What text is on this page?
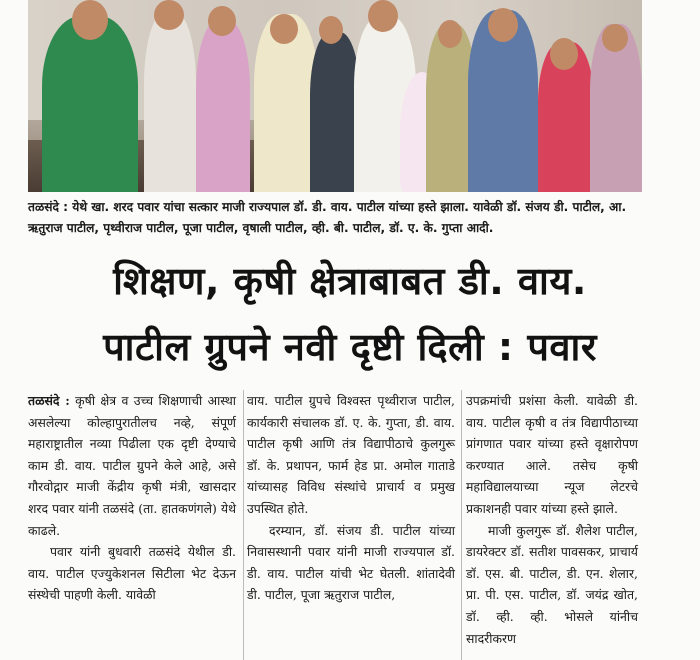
तळसंदे : येथे खा. शरद पवार यांचा सत्कार माजी राज्यपाल डॉ. डी. वाय. पाटील यांच्या हस्ते झाला. यावेळी डॉ. संजय डी. पाटील, आ. ऋतुराज पाटील, पृथ्वीराज पाटील, पूजा पाटील, वृषाली पाटील, व्ही. बी. पाटील, डॉ. ए. के. गुप्ता आदी.
शिक्षण, कृषी क्षेत्राबाबत डी. वाय.
पाटील ग्रुपने नवी दृष्टी दिली : पवार

तळसंदे : कृषी क्षेत्र व उच्च शिक्षणाची आस्था असलेल्या कोल्हापुरातीलच नव्हे, संपूर्ण महाराष्ट्रातील नव्या पिढीला एक दृष्टी देण्याचे काम डी. वाय. पाटील ग्रुपने केले आहे, असे गौरवोद्गार माजी केंद्रीय कृषी मंत्री, खासदार शरद पवार यांनी तळसंदे (ता. हातकणंगले) येथे काढले.

पवार यांनी बुधवारी तळसंदे येथील डी. वाय. पाटील एज्युकेशनल सिटीला भेट देऊन संस्थेची पाहणी केली. यावेळी

वाय. पाटील ग्रुपचे विश्वस्त पृथ्वीराज पाटील, कार्यकारी संचालक डॉ. ए. के. गुप्ता, डी. वाय. पाटील कृषी आणि तंत्र विद्यापीठाचे कुलगुरू डॉ. के. प्रथापन, फार्म हेड प्रा. अमोल गाताडे यांच्यासह विविध संस्थांचे प्राचार्य व प्रमुख उपस्थित होते.

दरम्यान, डॉ. संजय डी. पाटील यांच्या निवासस्थानी पवार यांनी माजी राज्यपाल डॉ. डी. वाय. पाटील यांची भेट घेतली. शांतादेवी डी. पाटील, पूजा ऋतुराज पाटील,

उपक्रमांची प्रशंसा केली. यावेळी डी. वाय. पाटील कृषी व तंत्र विद्यापीठाच्या प्रांगणात पवार यांच्या हस्ते वृक्षारोपण करण्यात आले. तसेच कृषी महाविद्यालयाच्या न्यूज लेटरचे प्रकाशनही पवार यांच्या हस्ते झाले.

माजी कुलगुरू डॉ. शैलेश पाटील, डायरेक्टर डॉ. सतीश पावसकर, प्राचार्य डॉ. एस. बी. पाटील, डी. एन. शेलार, प्रा. पी. एस. पाटील, डॉ. जयंद्र खोत, डॉ. व्ही. व्ही. भोसले यांनीच सादरीकरण
